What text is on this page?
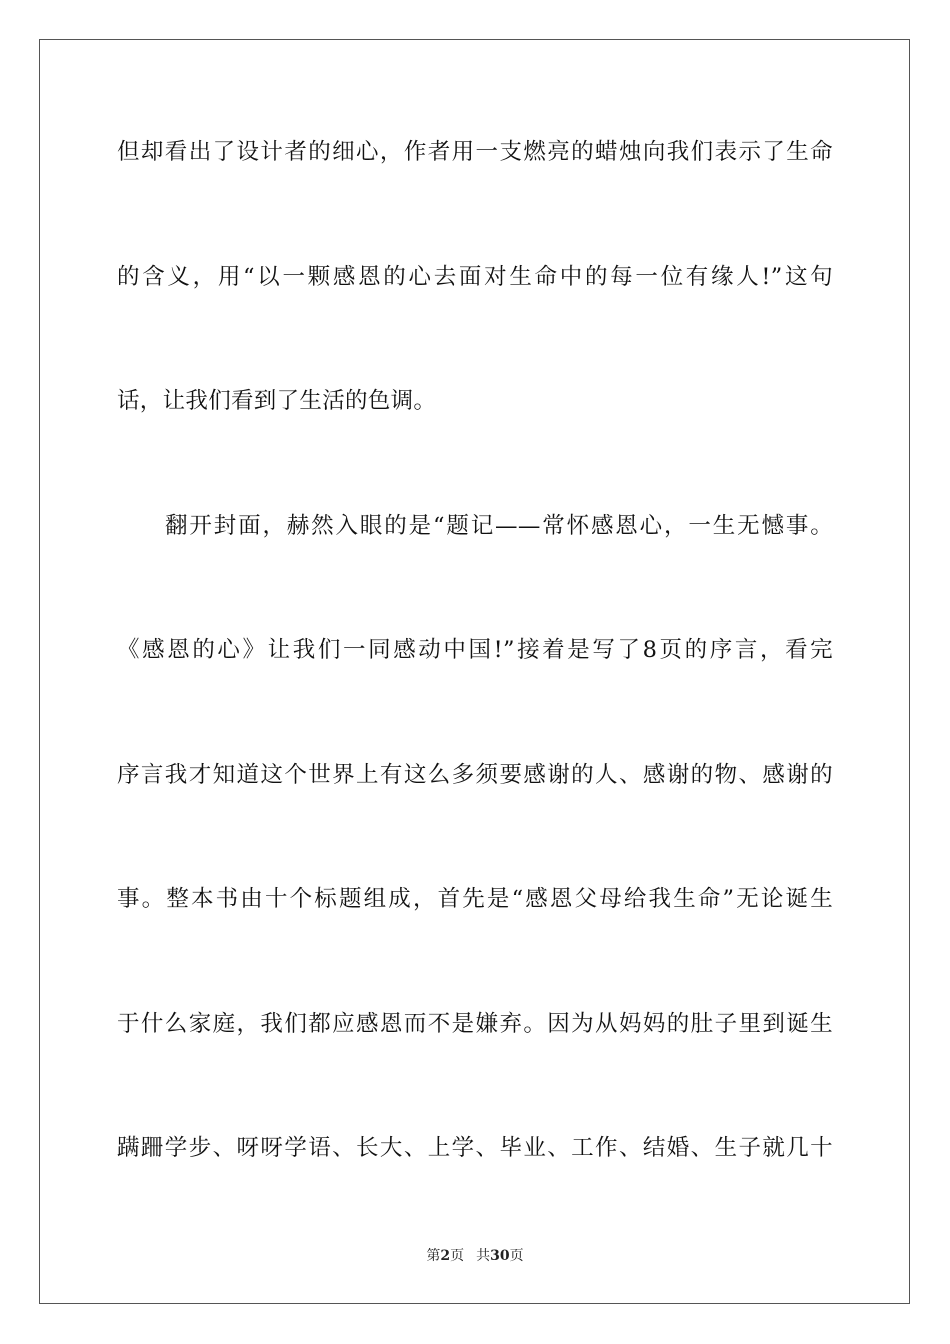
但却看出了设计者的细心，作者用一支燃亮的蜡烛向我们表示了生命
的含义，用“以一颗感恩的心去面对生命中的每一位有缘人!”这句
话，让我们看到了生活的色调。
翻开封面，赫然入眼的是“题记——常怀感恩心，一生无憾事。
《感恩的心》让我们一同感动中国!”接着是写了8页的序言，看完
序言我才知道这个世界上有这么多须要感谢的人、感谢的物、感谢的
事。整本书由十个标题组成，首先是“感恩父母给我生命”无论诞生
于什么家庭，我们都应感恩而不是嫌弃。因为从妈妈的肚子里到诞生
蹒跚学步、呀呀学语、长大、上学、毕业、工作、结婚、生子就几十
第2页 共30页
